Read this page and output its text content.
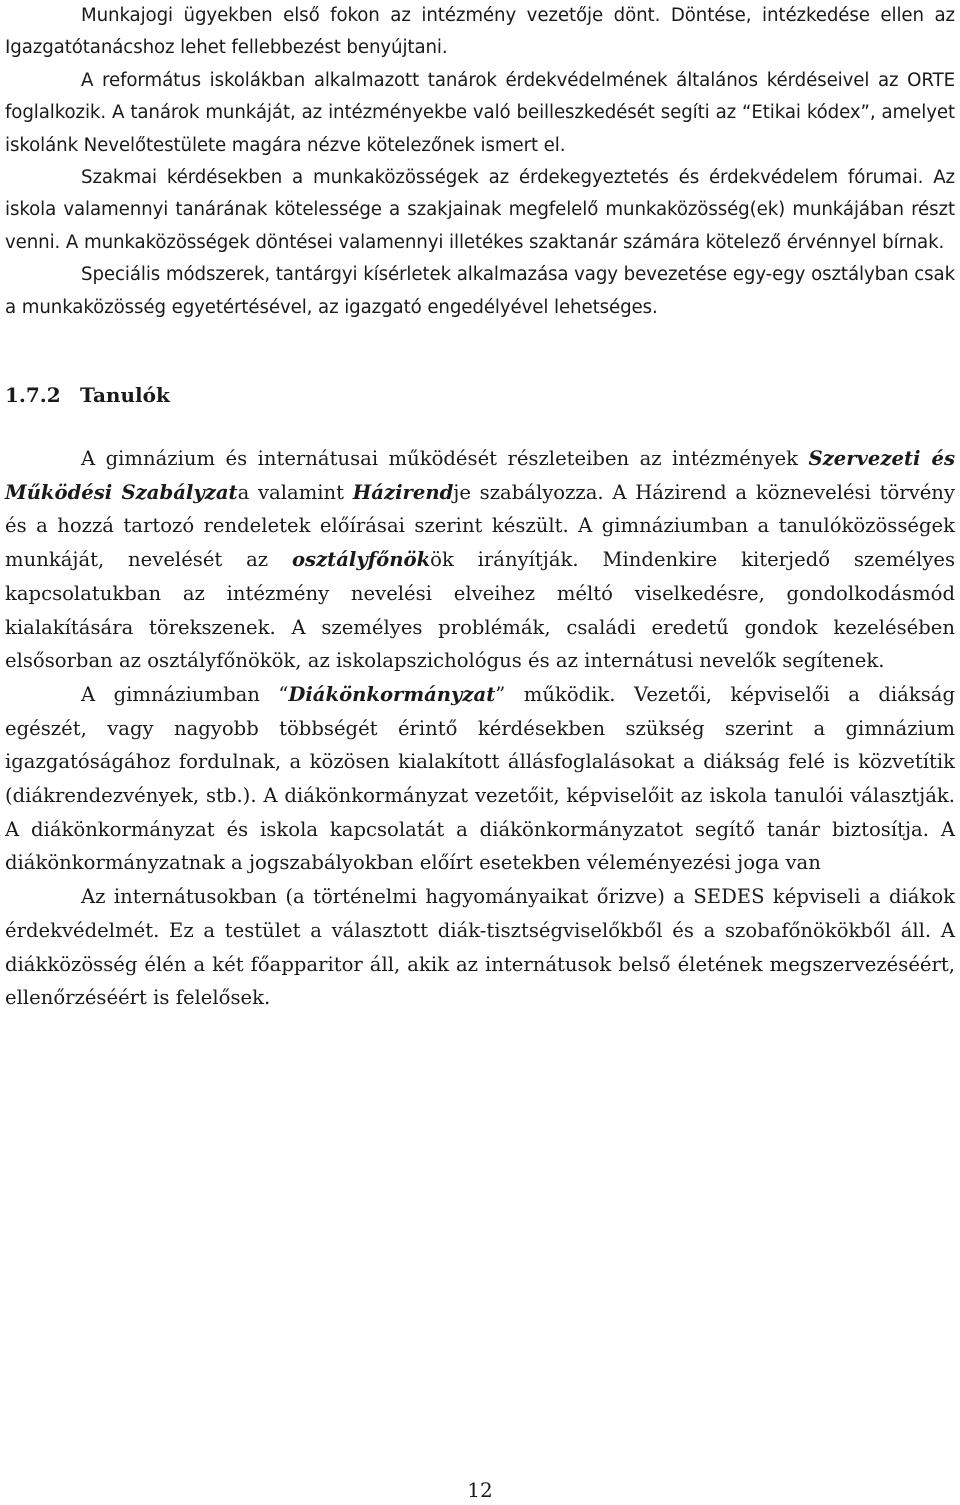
Munkajogi ügyekben első fokon az intézmény vezetője dönt. Döntése, intézkedése ellen az Igazgatótanácshoz lehet fellebbezést benyújtani.

A református iskolákban alkalmazott tanárok érdekvédelmének általános kérdéseivel az ORTE foglalkozik. A tanárok munkáját, az intézményekbe való beilleszkedését segíti az “Etikai kódex”, amelyet iskolánk Nevelőtestülete magára nézve kötelezőnek ismert el.

Szakmai kérdésekben a munkaközösségek az érdekegyeztetés és érdekvédelem fórumai. Az iskola valamennyi tanárának kötelessége a szakjainak megfelelő munkaközösség(ek) munkájában részt venni. A munkaközösségek döntései valamennyi illetékes szaktanár számára kötelező érvénnyel bírnak.

Speciális módszerek, tantárgyi kísérletek alkalmazása vagy bevezetése egy-egy osztályban csak a munkaközösség egyetértésével, az igazgató engedélyével lehetséges.

1.7.2 Tanulók

A gimnázium és internátusai működését részleteiben az intézmények Szervezeti és Működési Szabályzata valamint Házirendje szabályozza. A Házirend a köznevelési törvény és a hozzá tartozó rendeletek előírásai szerint készült. A gimnáziumban a tanulóközösségek munkáját, nevelését az osztályfőnökök irányítják. Mindenkire kiterjedő személyes kapcsolatukban az intézmény nevelési elveihez méltó viselkedésre, gondolkodásmód kialakítására törekszenek. A személyes problémák, családi eredetű gondok kezelésében elsősorban az osztályfőnökök, az iskolapszichológus és az internátusi nevelők segítenek.

A gimnáziumban “Diákönkormányzat” működik. Vezetői, képviselői a diákság egészét, vagy nagyobb többségét érintő kérdésekben szükség szerint a gimnázium igazgatóságához fordulnak, a közösen kialakított állásfoglalásokat a diákság felé is közvetítik (diákrendezvények, stb.). A diákönkormányzat vezetőit, képviselőit az iskola tanulói választják. A diákönkormányzat és iskola kapcsolatát a diákönkormányzatot segítő tanár biztosítja. A diákönkormányzatnak a jogszabályokban előírt esetekben véleményezési joga van

Az internátusokban (a történelmi hagyományaikat őrizve) a SEDES képviseli a diákok érdekvédelmét. Ez a testület a választott diák-tisztségviselőkből és a szobafőnökökből áll. A diákközösség élén a két főapparitor áll, akik az internátusok belső életének megszervezéséért, ellenőrzéséért is felelősek.

12
